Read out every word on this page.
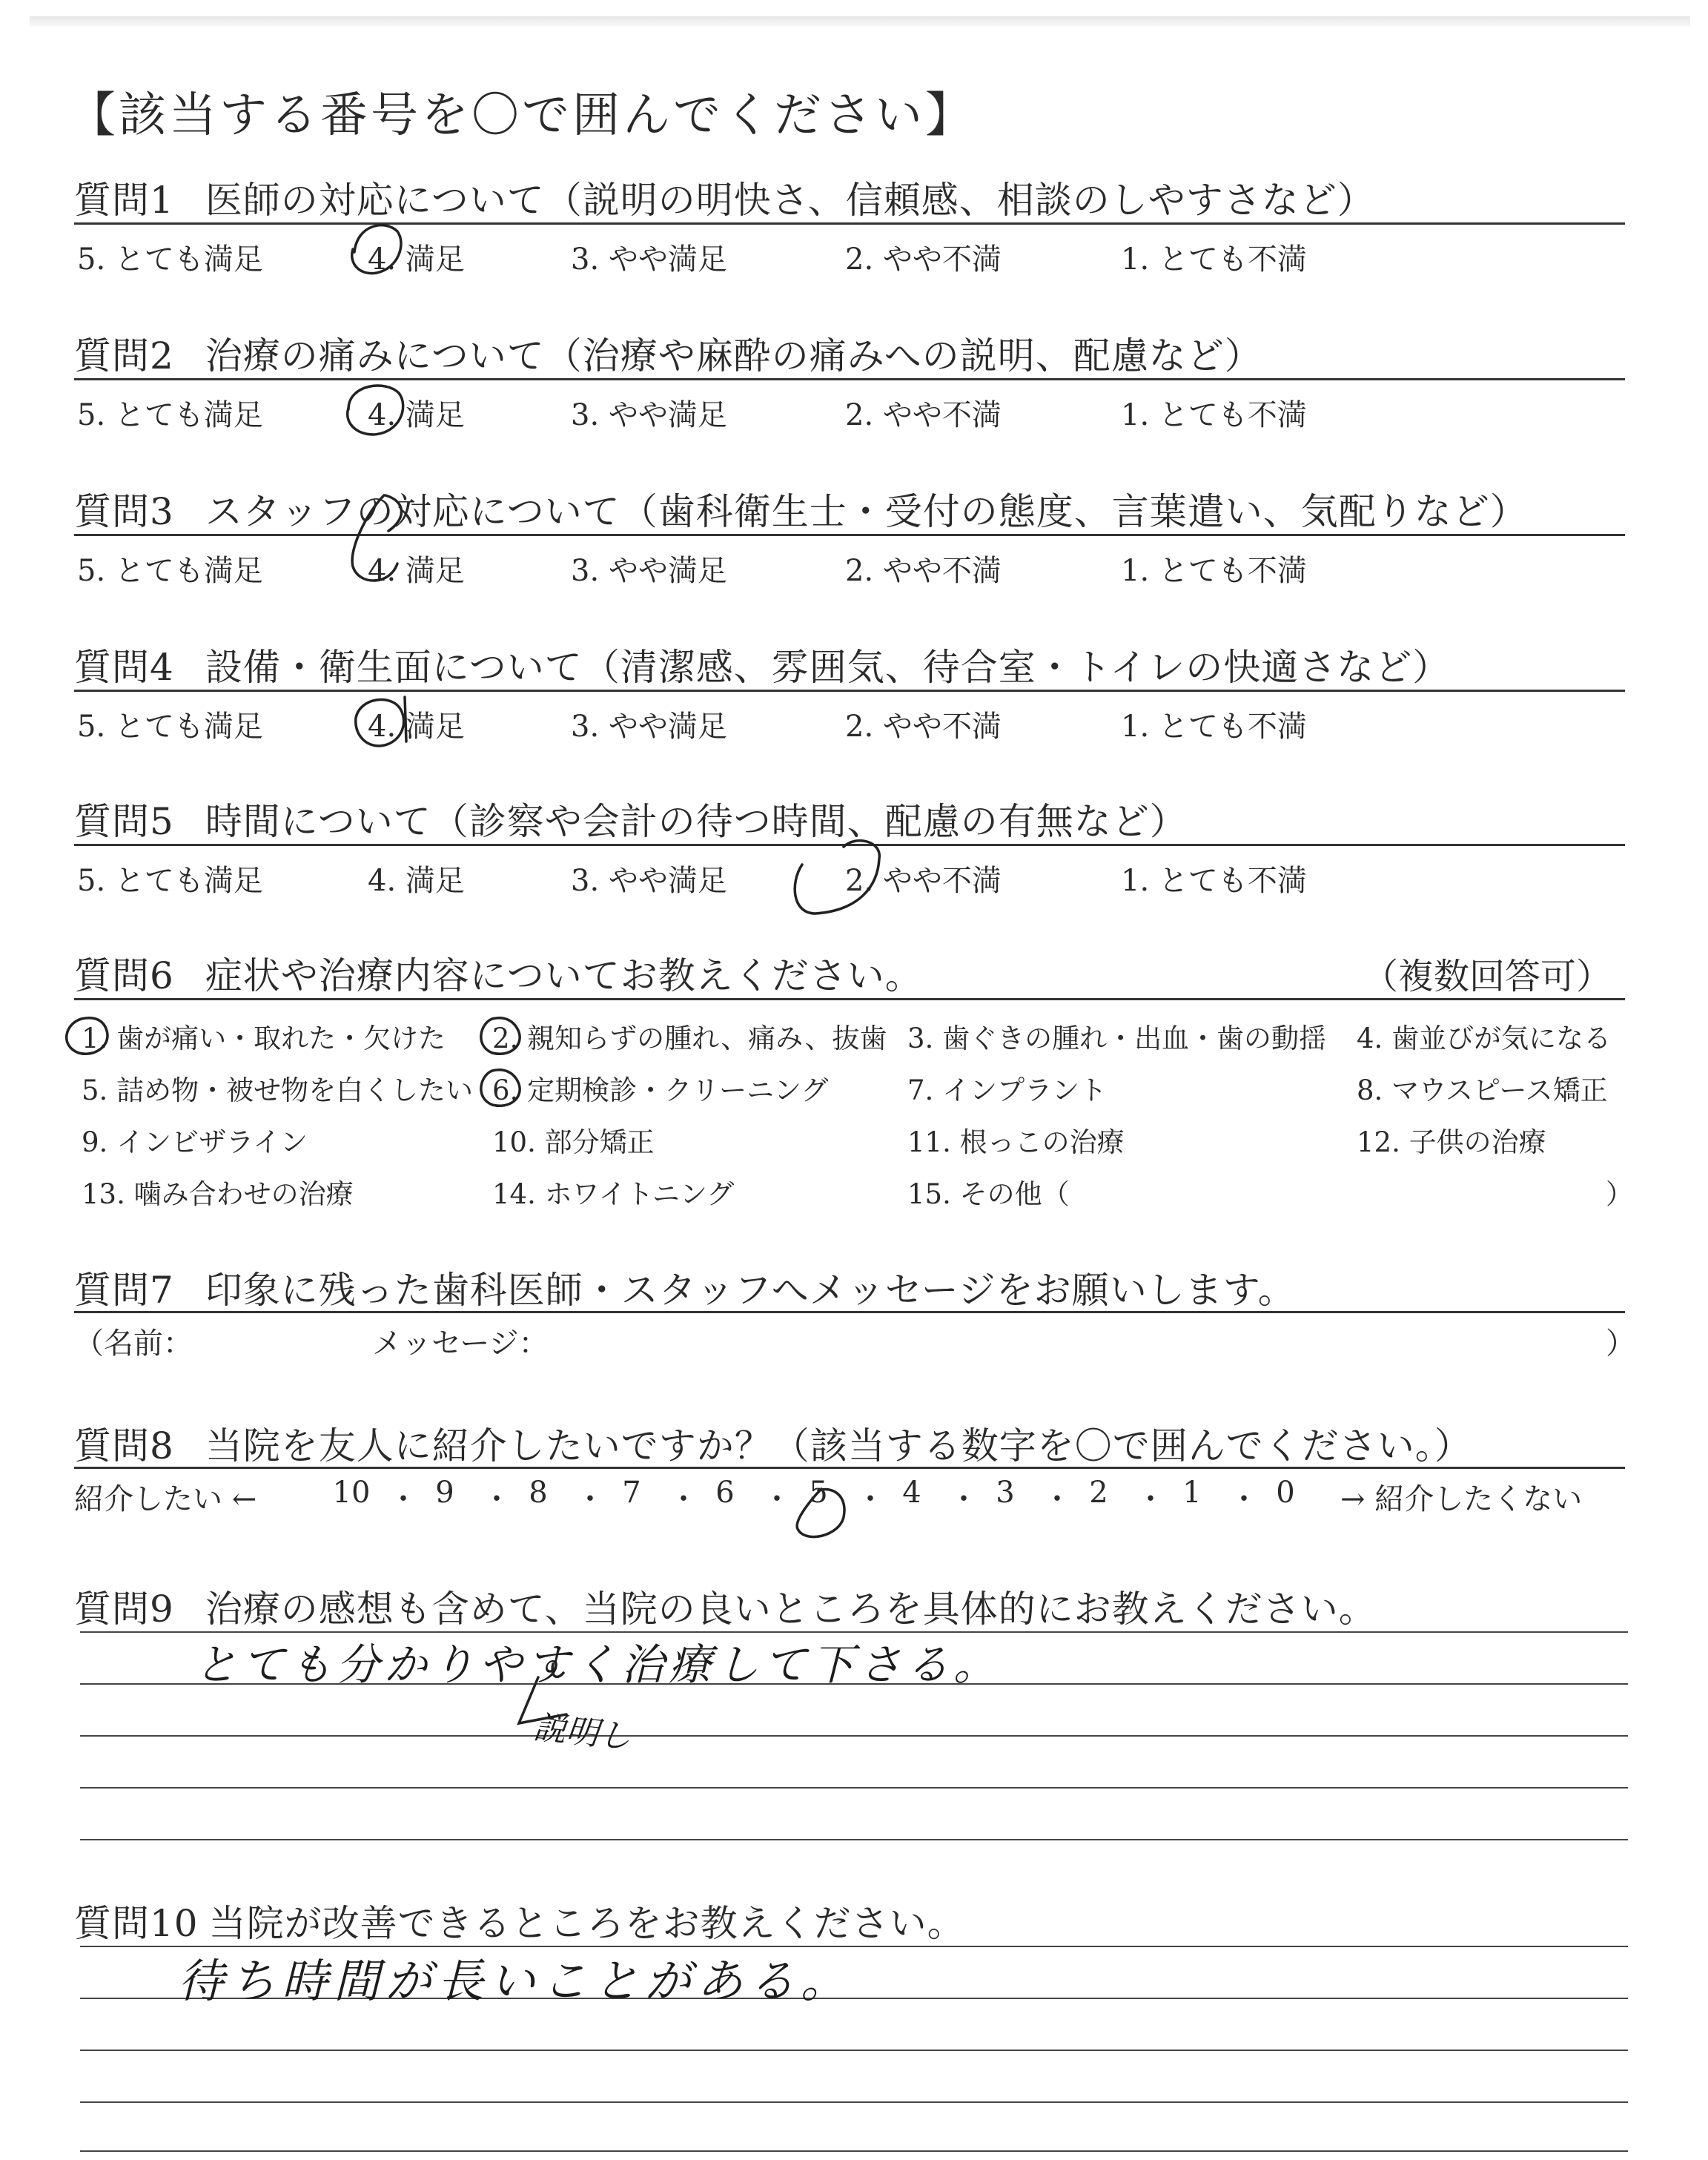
【該当する番号を〇で囲んでください】
質問1 医師の対応について（説明の明快さ、信頼感、相談のしやすさなど）
5. とても満足	4. 満足	3. やや満足	2. やや不満	1. とても不満
質問2 治療の痛みについて（治療や麻酔の痛みへの説明、配慮など）
5. とても満足	4. 満足	3. やや満足	2. やや不満	1. とても不満
質問3 スタッフの対応について（歯科衛生士・受付の態度、言葉遣い、気配りなど）
5. とても満足	4. 満足	3. やや満足	2. やや不満	1. とても不満
質問4 設備・衛生面について（清潔感、雰囲気、待合室・トイレの快適さなど）
5. とても満足	4. 満足	3. やや満足	2. やや不満	1. とても不満
質問5 時間について（診察や会計の待つ時間、配慮の有無など）
5. とても満足	4. 満足	3. やや満足	2. やや不満	1. とても不満
質問6 症状や治療内容についてお教えください。	（複数回答可）
1. 歯が痛い・取れた・欠けた 2. 親知らずの腫れ、痛み、抜歯 3. 歯ぐきの腫れ・出血・歯の動揺 4. 歯並びが気になる
5. 詰め物・被せ物を白くしたい 6. 定期検診・クリーニング	7. インプラント	8. マウスピース矯正
9. インビザライン	10. 部分矯正	11. 根っこの治療	12. 子供の治療
13. 噛み合わせの治療	14. ホワイトニング	15. その他（	）
質問7 印象に残った歯科医師・スタッフへメッセージをお願いします。
（名前：	メッセージ：	）
質問8 当院を友人に紹介したいですか？（該当する数字を〇で囲んでください。）
紹介したい ←	→ 紹介したくない
質問9 治療の感想も含めて、当院の良いところを具体的にお教えください。
とても分かりやすく治療して下さる。
説明し
質問10 当院が改善できるところをお教えください。
待ち時間が長いことがある。
10 ・ 9 ・ 8 ・ 7 ・ 6 ・ 5 ・ 4 ・ 3 ・ 2 ・ 1 ・ 0
